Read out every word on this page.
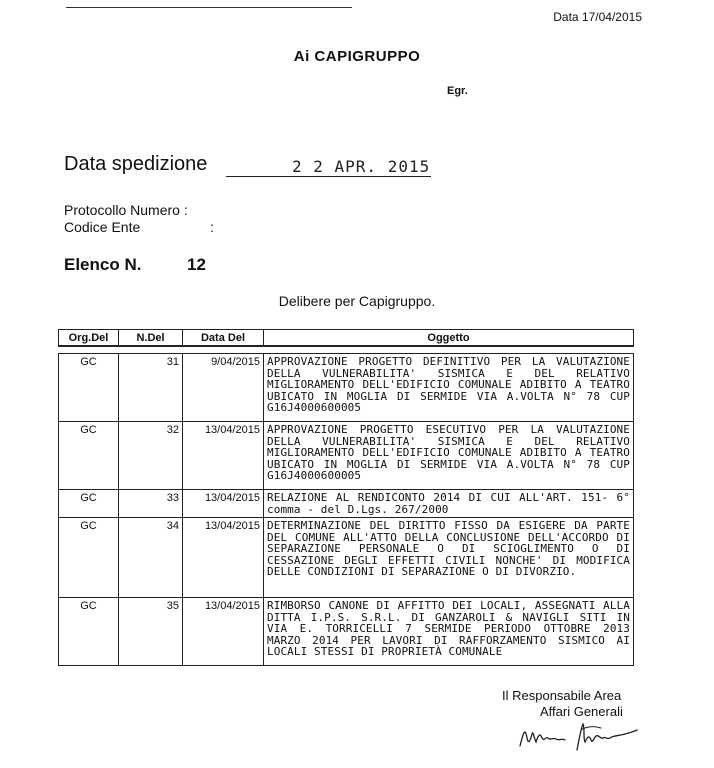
Data 17/04/2015
Ai CAPIGRUPPO
Egr.
Data spedizione	2 2 APR. 2015
Protocollo Numero :
Codice Ente	:
Elenco N.	12
Delibere per Capigruppo.
Org.Del	N.Del	Data Del	Oggetto
GC	31	9/04/2015	APPROVAZIONE PROGETTO DEFINITIVO PER LA VALUTAZIONE DELLA VULNERABILITA' SISMICA E DEL RELATIVO MIGLIORAMENTO DELL'EDIFICIO COMUNALE ADIBITO A TEATRO UBICATO IN MOGLIA DI SERMIDE VIA A.VOLTA N° 78 CUP G16J4000600005
GC	32	13/04/2015	APPROVAZIONE PROGETTO ESECUTIVO PER LA VALUTAZIONE DELLA VULNERABILITA' SISMICA E DEL RELATIVO MIGLIORAMENTO DELL'EDIFICIO COMUNALE ADIBITO A TEATRO UBICATO IN MOGLIA DI SERMIDE VIA A.VOLTA N° 78 CUP G16J4000600005
GC	33	13/04/2015	RELAZIONE AL RENDICONTO 2014 DI CUI ALL'ART. 151- 6° comma - del D.Lgs. 267/2000
GC	34	13/04/2015	DETERMINAZIONE DEL DIRITTO FISSO DA ESIGERE DA PARTE DEL COMUNE ALL'ATTO DELLA CONCLUSIONE DELL'ACCORDO DI SEPARAZIONE PERSONALE O DI SCIOGLIMENTO O DI CESSAZIONE DEGLI EFFETTI CIVILI NONCHE' DI MODIFICA DELLE CONDIZIONI DI SEPARAZIONE O DI DIVORZIO.
GC	35	13/04/2015	RIMBORSO CANONE DI AFFITTO DEI LOCALI, ASSEGNATI ALLA DITTA I.P.S. S.R.L. DI GANZAROLI & NAVIGLI SITI IN VIA E. TORRICELLI 7 SERMIDE PERIODO OTTOBRE 2013 MARZO 2014 PER LAVORI DI RAFFORZAMENTO SISMICO AI LOCALI STESSI DI PROPRIETÀ COMUNALE
Il Responsabile Area
Affari Generali
